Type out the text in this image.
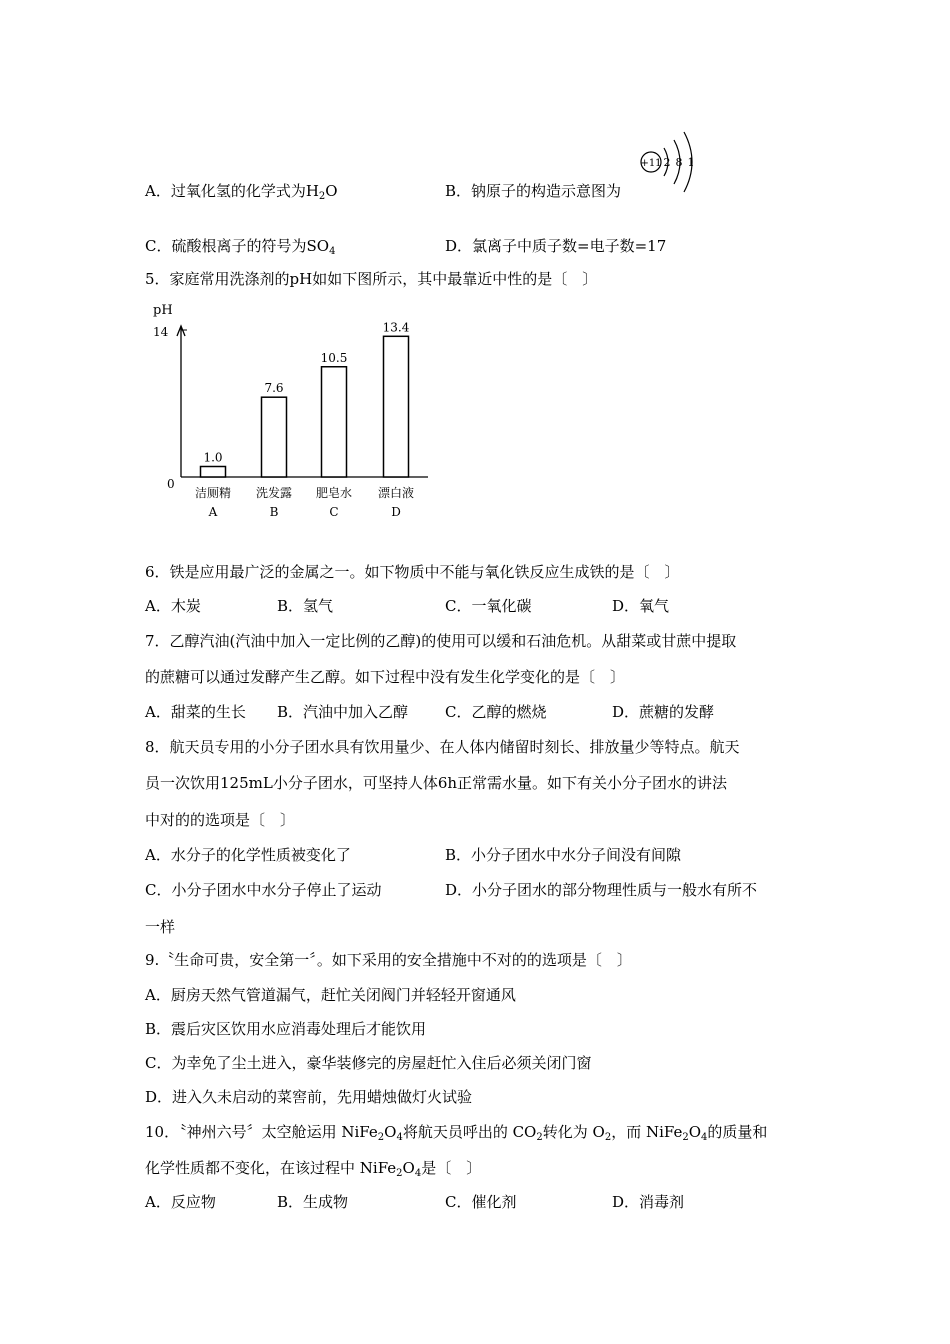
A．过氧化氢的化学式为$H_2O$	B．钠原子的构造示意图为
+11 2 8 1
C．硫酸根离子的符号为$SO_4$	D．氯离子中质子数=电子数=17
5．家庭常用洗涤剂的pH如如下图所示，其中最靠近中性的是〔　〕
pH
14
0
1.0
洁厕精
A
7.6
洗发露
B
10.5
肥皂水
C
13.4
漂白液
D
6．铁是应用最广泛的金属之一。如下物质中不能与氧化铁反应生成铁的是〔　〕
A．木炭	B．氢气	C．一氧化碳	D．氧气
7．乙醇汽油(汽油中加入一定比例的乙醇)的使用可以缓和石油危机。从甜菜或甘蔗中提取
的蔗糖可以通过发酵产生乙醇。如下过程中没有发生化学变化的是〔　〕
A．甜菜的生长 B．汽油中加入乙醇 C．乙醇的燃烧	D．蔗糖的发酵
8．航天员专用的小分子团水具有饮用量少、在人体内储留时刻长、排放量少等特点。航天
员一次饮用125mL小分子团水，可坚持人体6h正常需水量。如下有关小分子团水的讲法
中对的的选项是〔　〕
A．水分子的化学性质被变化了	B．小分子团水中水分子间没有间隙
C．小分子团水中水分子停止了运动	D．小分子团水的部分物理性质与一般水有所不
一样
9.〝生命可贵，安全第一〞。如下采用的安全措施中不对的的选项是〔　〕
A．厨房天然气管道漏气，赶忙关闭阀门并轻轻开窗通风
B．震后灾区饮用水应消毒处理后才能饮用
C．为幸免了尘土进入，豪华装修完的房屋赶忙入住后必须关闭门窗
D．进入久未启动的菜窖前，先用蜡烛做灯火试验
10．〝神州六号〞太空舱运用 $NiFe_2O_4$将航天员呼出的 $CO_2$转化为 $O_2$，而 $NiFe_2O_4$的质量和
化学性质都不变化，在该过程中 $NiFe_2O_4$是〔　〕
A．反应物	B．生成物	C．催化剂	D．消毒剂
